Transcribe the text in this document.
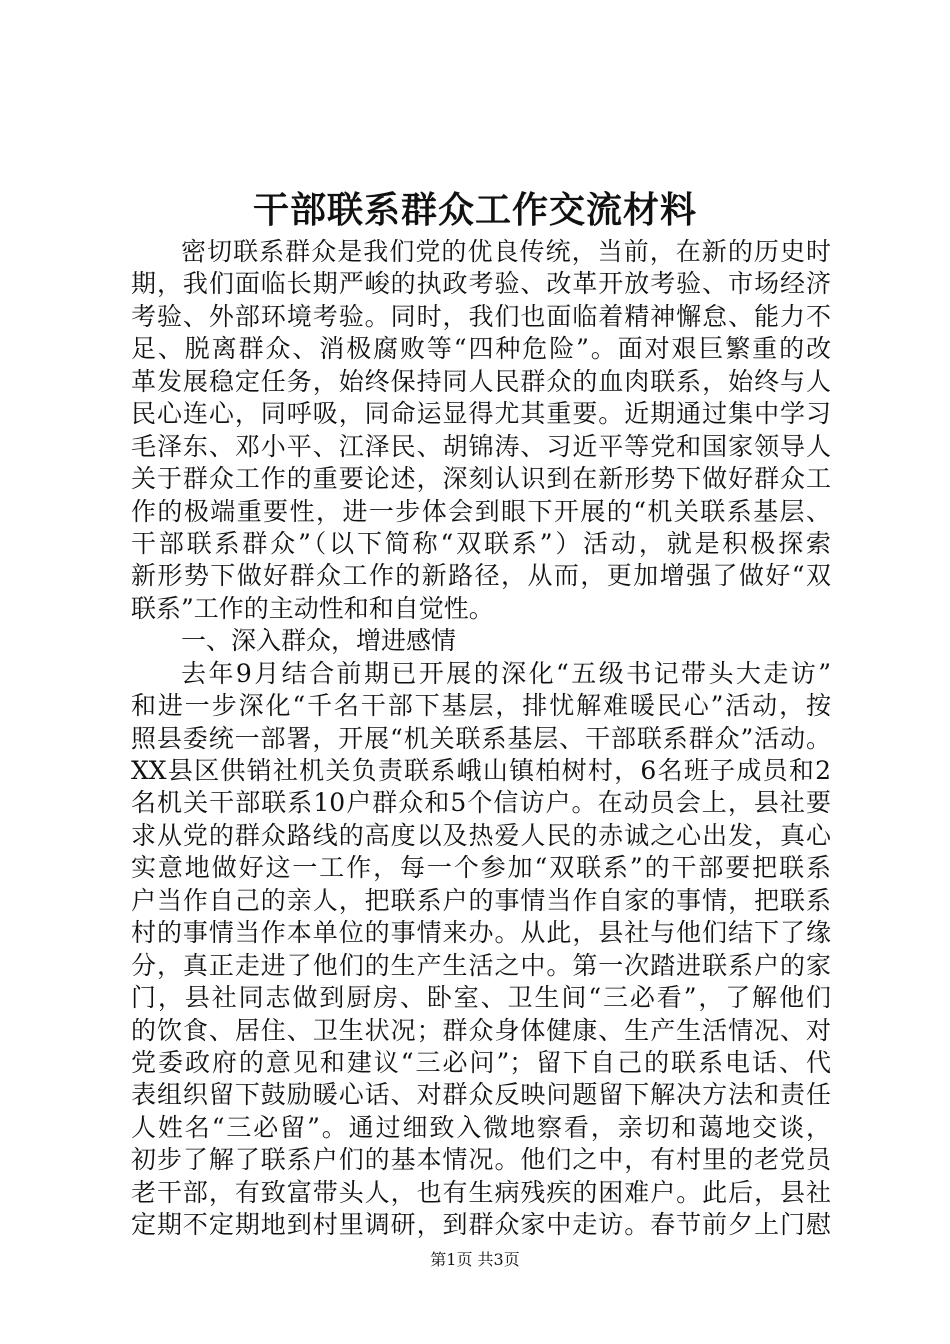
干部联系群众工作交流材料
密切联系群众是我们党的优良传统，当前，在新的历史时
期，我们面临长期严峻的执政考验、改革开放考验、市场经济
考验、外部环境考验。同时，我们也面临着精神懈怠、能力不
足、脱离群众、消极腐败等“四种危险”。面对艰巨繁重的改
革发展稳定任务，始终保持同人民群众的血肉联系，始终与人
民心连心，同呼吸，同命运显得尤其重要。近期通过集中学习
毛泽东、邓小平、江泽民、胡锦涛、习近平等党和国家领导人
关于群众工作的重要论述，深刻认识到在新形势下做好群众工
作的极端重要性，进一步体会到眼下开展的“机关联系基层、
干部联系群众”（以下简称“双联系”）活动，就是积极探索
新形势下做好群众工作的新路径，从而，更加增强了做好“双
联系”工作的主动性和和自觉性。
一、深入群众，增进感情
去年9月结合前期已开展的深化“五级书记带头大走访”
和进一步深化“千名干部下基层，排忧解难暖民心”活动，按
照县委统一部署，开展“机关联系基层、干部联系群众”活动。
XX县区供销社机关负责联系峨山镇柏树村，6名班子成员和2
名机关干部联系10户群众和5个信访户。在动员会上，县社要
求从党的群众路线的高度以及热爱人民的赤诚之心出发，真心
实意地做好这一工作，每一个参加“双联系”的干部要把联系
户当作自己的亲人，把联系户的事情当作自家的事情，把联系
村的事情当作本单位的事情来办。从此，县社与他们结下了缘
分，真正走进了他们的生产生活之中。第一次踏进联系户的家
门，县社同志做到厨房、卧室、卫生间“三必看”，了解他们
的饮食、居住、卫生状况；群众身体健康、生产生活情况、对
党委政府的意见和建议“三必问”；留下自己的联系电话、代
表组织留下鼓励暖心话、对群众反映问题留下解决方法和责任
人姓名“三必留”。通过细致入微地察看，亲切和蔼地交谈，
初步了解了联系户们的基本情况。他们之中，有村里的老党员
老干部，有致富带头人，也有生病残疾的困难户。此后，县社
定期不定期地到村里调研，到群众家中走访。春节前夕上门慰
第1页 共3页
